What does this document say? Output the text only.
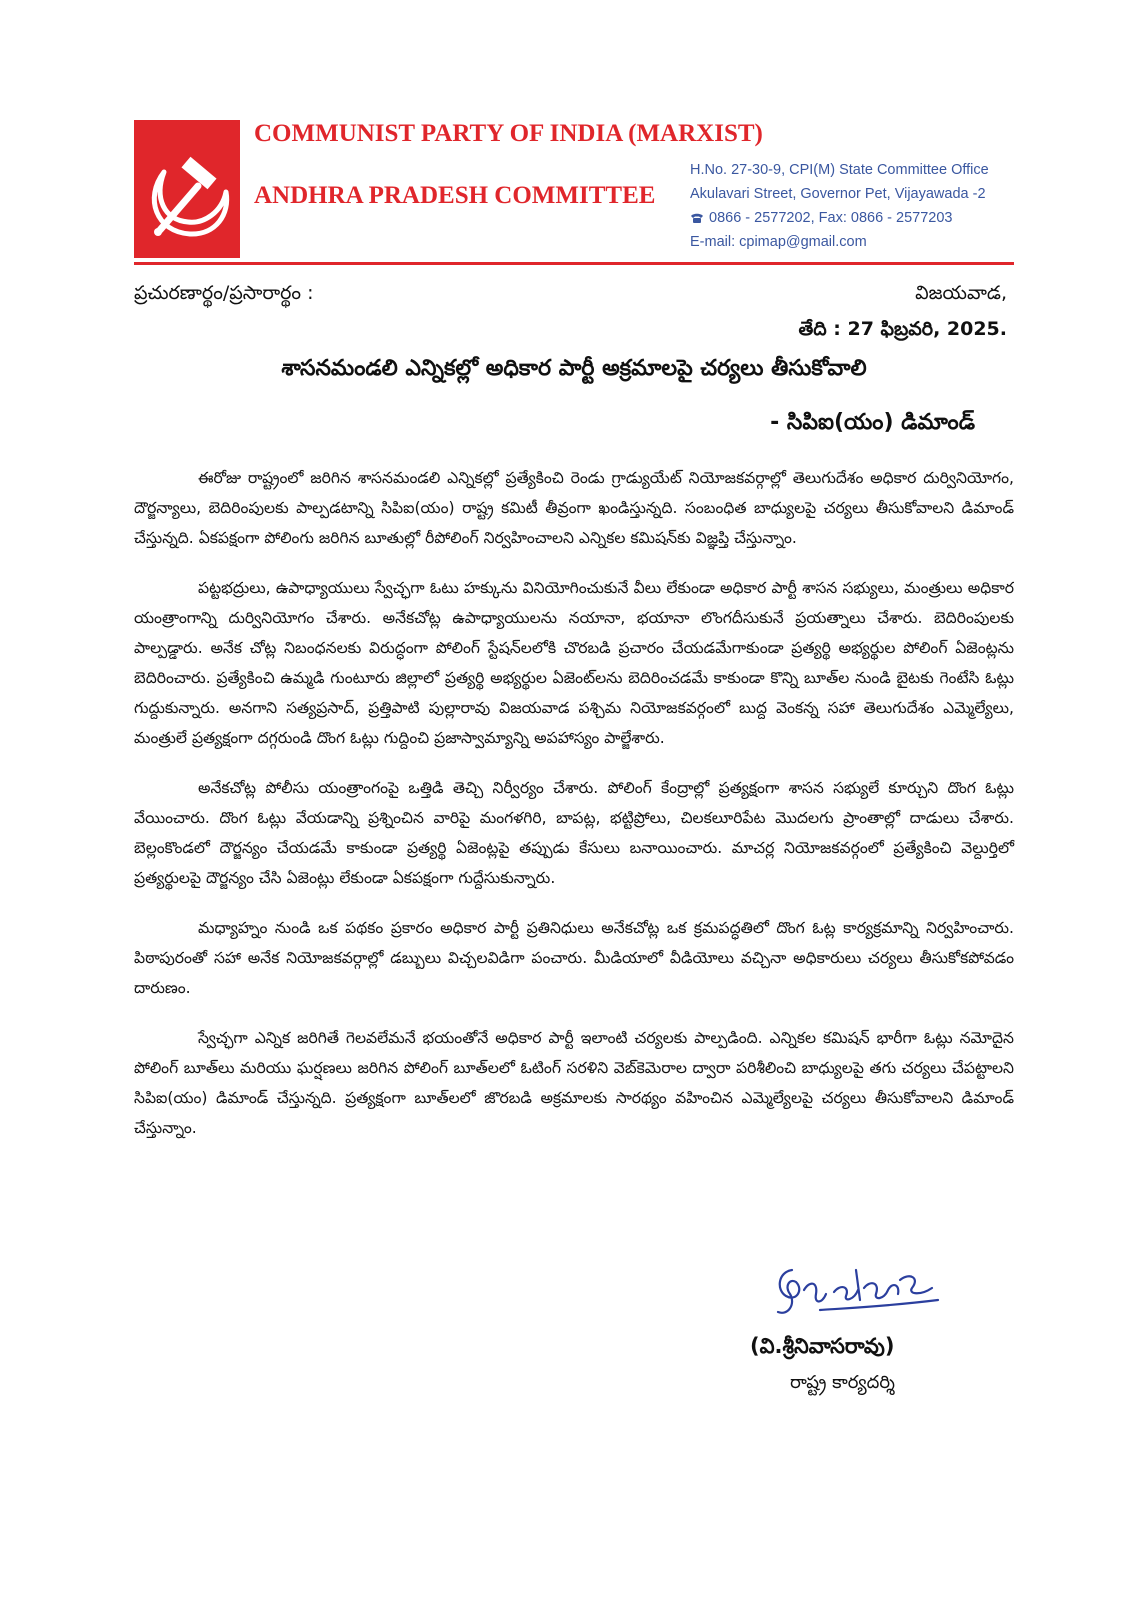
COMMUNIST PARTY OF INDIA (MARXIST)
ANDHRA PRADESH COMMITTEE
H.No. 27-30-9, CPI(M) State Committee Office
Akulavari Street, Governor Pet, Vijayawada -2
0866 - 2577202, Fax: 0866 - 2577203
E-mail: cpimap@gmail.com
ప్రచురణార్థం/ప్రసారార్థం :	విజయవాడ,
తేది : 27 ఫిబ్రవరి, 2025.
శాసనమండలి ఎన్నికల్లో అధికార పార్టీ అక్రమాలపై చర్యలు తీసుకోవాలి
- సిపిఐ(యం) డిమాండ్

ఈరోజు రాష్ట్రంలో జరిగిన శాసనమండలి ఎన్నికల్లో ప్రత్యేకించి రెండు గ్రాడ్యుయేట్ నియోజకవర్గాల్లో తెలుగుదేశం అధికార దుర్వినియోగం, దౌర్జన్యాలు, బెదిరింపులకు పాల్పడటాన్ని సిపిఐ(యం) రాష్ట్ర కమిటీ తీవ్రంగా ఖండిస్తున్నది. సంబంధిత బాధ్యులపై చర్యలు తీసుకోవాలని డిమాండ్ చేస్తున్నది. ఏకపక్షంగా పోలింగు జరిగిన బూతుల్లో రీపోలింగ్ నిర్వహించాలని ఎన్నికల కమిషన్‌కు విజ్ఞప్తి చేస్తున్నాం.

పట్టభద్రులు, ఉపాధ్యాయులు స్వేచ్ఛగా ఓటు హక్కును వినియోగించుకునే వీలు లేకుండా అధికార పార్టీ శాసన సభ్యులు, మంత్రులు అధికార యంత్రాంగాన్ని దుర్వినియోగం చేశారు. అనేకచోట్ల ఉపాధ్యాయులను నయానా, భయానా లొంగదీసుకునే ప్రయత్నాలు చేశారు. బెదిరింపులకు పాల్పడ్డారు. అనేక చోట్ల నిబంధనలకు విరుద్ధంగా పోలింగ్ స్టేషన్‌లలోకి చొరబడి ప్రచారం చేయడమేగాకుండా ప్రత్యర్థి అభ్యర్థుల పోలింగ్ ఏజెంట్లను బెదిరించారు. ప్రత్యేకించి ఉమ్మడి గుంటూరు జిల్లాలో ప్రత్యర్థి అభ్యర్థుల ఏజెంట్‌లను బెదిరించడమే కాకుండా కొన్ని బూత్‌ల నుండి బైటకు గెంటేసి ఓట్లు గుద్దుకున్నారు. అనగాని సత్యప్రసాద్, ప్రత్తిపాటి పుల్లారావు విజయవాడ పశ్చిమ నియోజకవర్గంలో బుద్ద వెంకన్న సహా తెలుగుదేశం ఎమ్మెల్యేలు, మంత్రులే ప్రత్యక్షంగా దగ్గరుండి దొంగ ఓట్లు గుద్దించి ప్రజాస్వామ్యాన్ని అపహాస్యం పాల్జేశారు.

అనేకచోట్ల పోలీసు యంత్రాంగంపై ఒత్తిడి తెచ్చి నిర్వీర్యం చేశారు. పోలింగ్ కేంద్రాల్లో ప్రత్యక్షంగా శాసన సభ్యులే కూర్చుని దొంగ ఓట్లు వేయించారు. దొంగ ఓట్లు వేయడాన్ని ప్రశ్నించిన వారిపై మంగళగిరి, బాపట్ల, భట్టిప్రోలు, చిలకలూరిపేట మొదలగు ప్రాంతాల్లో దాడులు చేశారు. బెల్లంకొండలో దౌర్జన్యం చేయడమే కాకుండా ప్రత్యర్థి ఏజెంట్లపై తప్పుడు కేసులు బనాయించారు. మాచర్ల నియోజకవర్గంలో ప్రత్యేకించి వెల్దుర్తిలో ప్రత్యర్థులపై దౌర్జన్యం చేసి ఏజెంట్లు లేకుండా ఏకపక్షంగా గుద్దేసుకున్నారు.

మధ్యాహ్నం నుండి ఒక పథకం ప్రకారం అధికార పార్టీ ప్రతినిధులు అనేకచోట్ల ఒక క్రమపద్ధతిలో దొంగ ఓట్ల కార్యక్రమాన్ని నిర్వహించారు. పిఠాపురంతో సహా అనేక నియోజకవర్గాల్లో డబ్బులు విచ్చలవిడిగా పంచారు. మీడియాలో వీడియోలు వచ్చినా అధికారులు చర్యలు తీసుకోకపోవడం దారుణం.

స్వేచ్ఛగా ఎన్నిక జరిగితే గెలవలేమనే భయంతోనే అధికార పార్టీ ఇలాంటి చర్యలకు పాల్పడింది. ఎన్నికల కమిషన్ భారీగా ఓట్లు నమోదైన పోలింగ్ బూత్‌లు మరియు ఘర్షణలు జరిగిన పోలింగ్ బూత్‌లలో ఓటింగ్ సరళిని వెబ్‌కెమెరాల ద్వారా పరిశీలించి బాధ్యులపై తగు చర్యలు చేపట్టాలని సిపిఐ(యం) డిమాండ్ చేస్తున్నది. ప్రత్యక్షంగా బూత్‌లలో జొరబడి అక్రమాలకు సారథ్యం వహించిన ఎమ్మెల్యేలపై చర్యలు తీసుకోవాలని డిమాండ్ చేస్తున్నాం.

(వి.శ్రీనివాసరావు)
రాష్ట్ర కార్యదర్శి
